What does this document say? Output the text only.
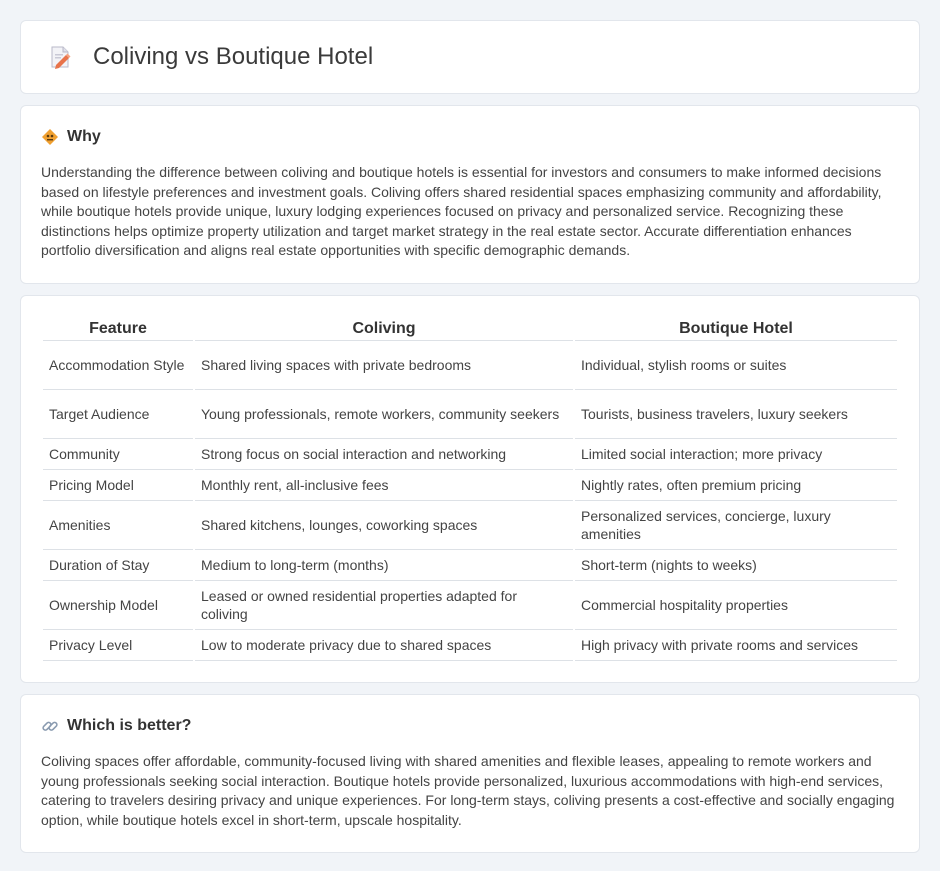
Coliving vs Boutique Hotel
Why

Understanding the difference between coliving and boutique hotels is essential for investors and consumers to make informed decisions based on lifestyle preferences and investment goals. Coliving offers shared residential spaces emphasizing community and affordability, while boutique hotels provide unique, luxury lodging experiences focused on privacy and personalized service. Recognizing these distinctions helps optimize property utilization and target market strategy in the real estate sector. Accurate differentiation enhances portfolio diversification and aligns real estate opportunities with specific demographic demands.

Feature	Coliving	Boutique Hotel
Accommodation Style	Shared living spaces with private bedrooms	Individual, stylish rooms or suites
Target Audience	Young professionals, remote workers, community seekers	Tourists, business travelers, luxury seekers
Community	Strong focus on social interaction and networking	Limited social interaction; more privacy
Pricing Model	Monthly rent, all-inclusive fees	Nightly rates, often premium pricing
Amenities	Shared kitchens, lounges, coworking spaces	Personalized services, concierge, luxury amenities
Duration of Stay	Medium to long-term (months)	Short-term (nights to weeks)
Ownership Model	Leased or owned residential properties adapted for coliving	Commercial hospitality properties
Privacy Level	Low to moderate privacy due to shared spaces	High privacy with private rooms and services
Which is better?

Coliving spaces offer affordable, community-focused living with shared amenities and flexible leases, appealing to remote workers and young professionals seeking social interaction. Boutique hotels provide personalized, luxurious accommodations with high-end services, catering to travelers desiring privacy and unique experiences. For long-term stays, coliving presents a cost-effective and socially engaging option, while boutique hotels excel in short-term, upscale hospitality.
